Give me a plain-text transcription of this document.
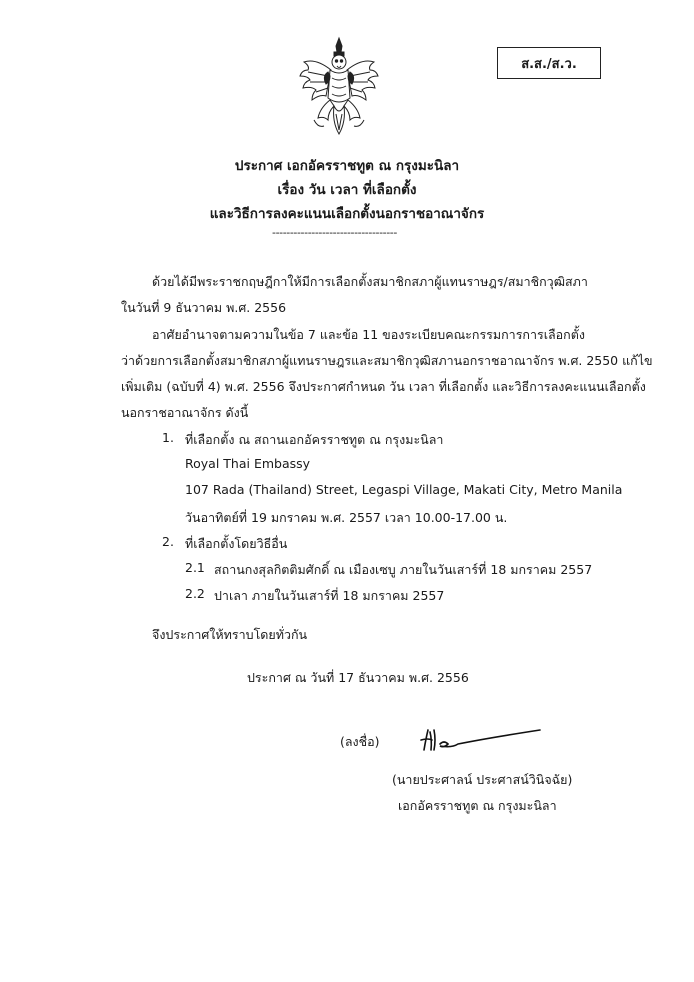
ส.ส./ส.ว.
ประกาศ เอกอัครราชทูต ณ กรุงมะนิลา
เรื่อง วัน เวลา ที่เลือกตั้ง
และวิธีการลงคะแนนเลือกตั้งนอกราชอาณาจักร
-----------------------------------
ด้วยได้มีพระราชกฤษฎีกาให้มีการเลือกตั้งสมาชิกสภาผู้แทนราษฎร/สมาชิกวุฒิสภา
ในวันที่ 9 ธันวาคม พ.ศ. 2556
อาศัยอำนาจตามความในข้อ 7 และข้อ 11 ของระเบียบคณะกรรมการการเลือกตั้ง
ว่าด้วยการเลือกตั้งสมาชิกสภาผู้แทนราษฎรและสมาชิกวุฒิสภานอกราชอาณาจักร พ.ศ. 2550 แก้ไข
เพิ่มเติม (ฉบับที่ 4) พ.ศ. 2556 จึงประกาศกำหนด วัน เวลา ที่เลือกตั้ง และวิธีการลงคะแนนเลือกตั้ง
นอกราชอาณาจักร ดังนี้
1. ที่เลือกตั้ง ณ สถานเอกอัครราชทูต ณ กรุงมะนิลา
Royal Thai Embassy
107 Rada (Thailand) Street, Legaspi Village, Makati City, Metro Manila
วันอาทิตย์ที่ 19 มกราคม พ.ศ. 2557 เวลา 10.00-17.00 น.
2. ที่เลือกตั้งโดยวิธีอื่น
2.1 สถานกงสุลกิตติมศักดิ์ ณ เมืองเซบู ภายในวันเสาร์ที่ 18 มกราคม 2557
2.2 ปาเลา ภายในวันเสาร์ที่ 18 มกราคม 2557
จึงประกาศให้ทราบโดยทั่วกัน
ประกาศ ณ วันที่ 17 ธันวาคม พ.ศ. 2556
(ลงชื่อ)
(นายประศาลน์ ประศาสน์วินิจฉัย)
เอกอัครราชทูต ณ กรุงมะนิลา
